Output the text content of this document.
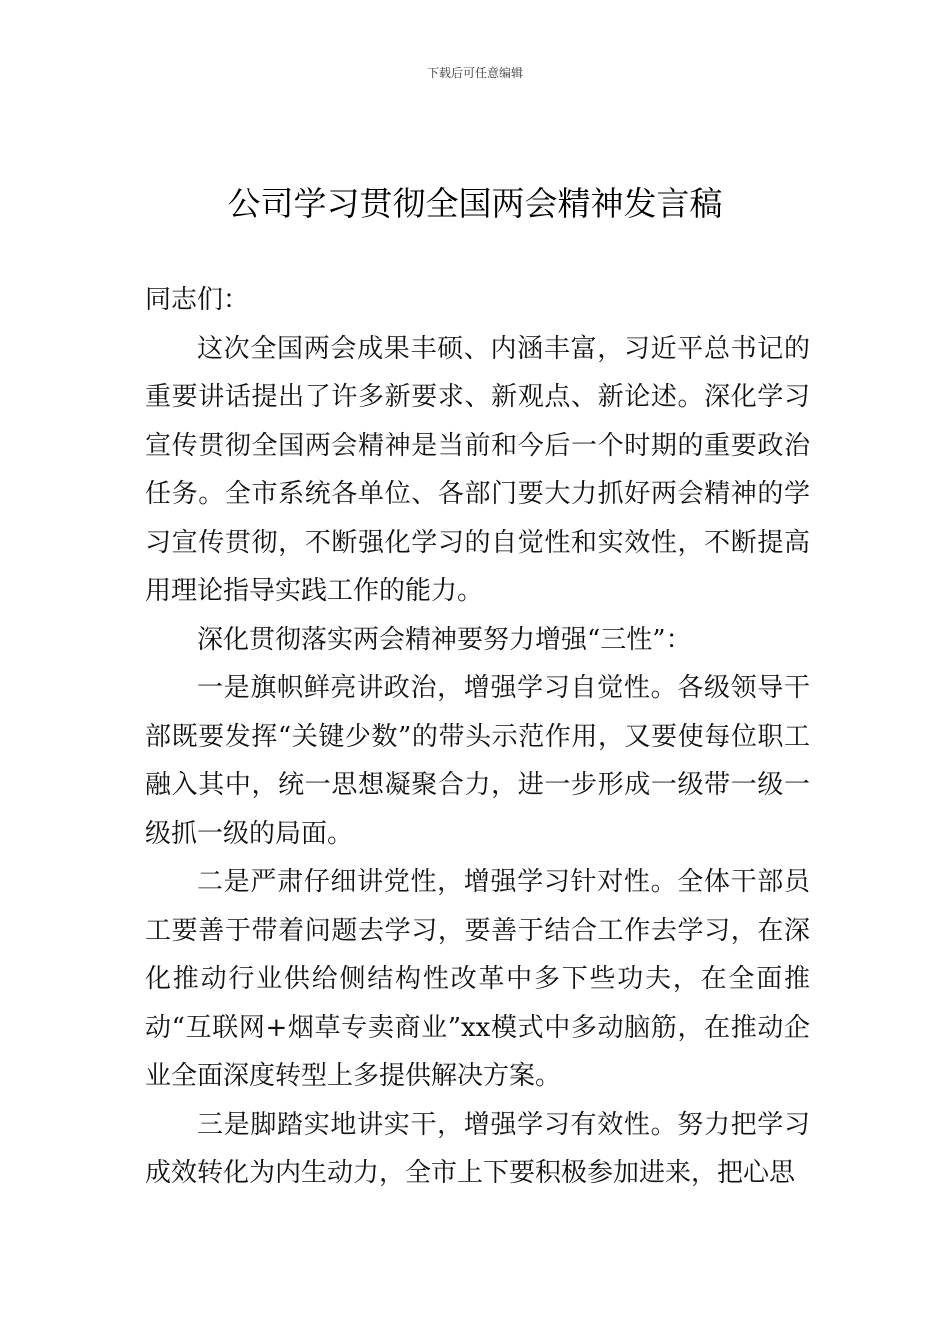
下载后可任意编辑
公司学习贯彻全国两会精神发言稿

同志们：

这次全国两会成果丰硕、内涵丰富，习近平总书记的重要讲话提出了许多新要求、新观点、新论述。深化学习宣传贯彻全国两会精神是当前和今后一个时期的重要政治任务。全市系统各单位、各部门要大力抓好两会精神的学习宣传贯彻，不断强化学习的自觉性和实效性，不断提高用理论指导实践工作的能力。

深化贯彻落实两会精神要努力增强“三性”：

一是旗帜鲜亮讲政治，增强学习自觉性。各级领导干部既要发挥“关键少数”的带头示范作用，又要使每位职工融入其中，统一思想凝聚合力，进一步形成一级带一级一级抓一级的局面。

二是严肃仔细讲党性，增强学习针对性。全体干部员工要善于带着问题去学习，要善于结合工作去学习，在深化推动行业供给侧结构性改革中多下些功夫，在全面推动“互联网+烟草专卖商业”xx模式中多动脑筋，在推动企业全面深度转型上多提供解决方案。

三是脚踏实地讲实干，增强学习有效性。努力把学习成效转化为内生动力，全市上下要积极参加进来，把心思
